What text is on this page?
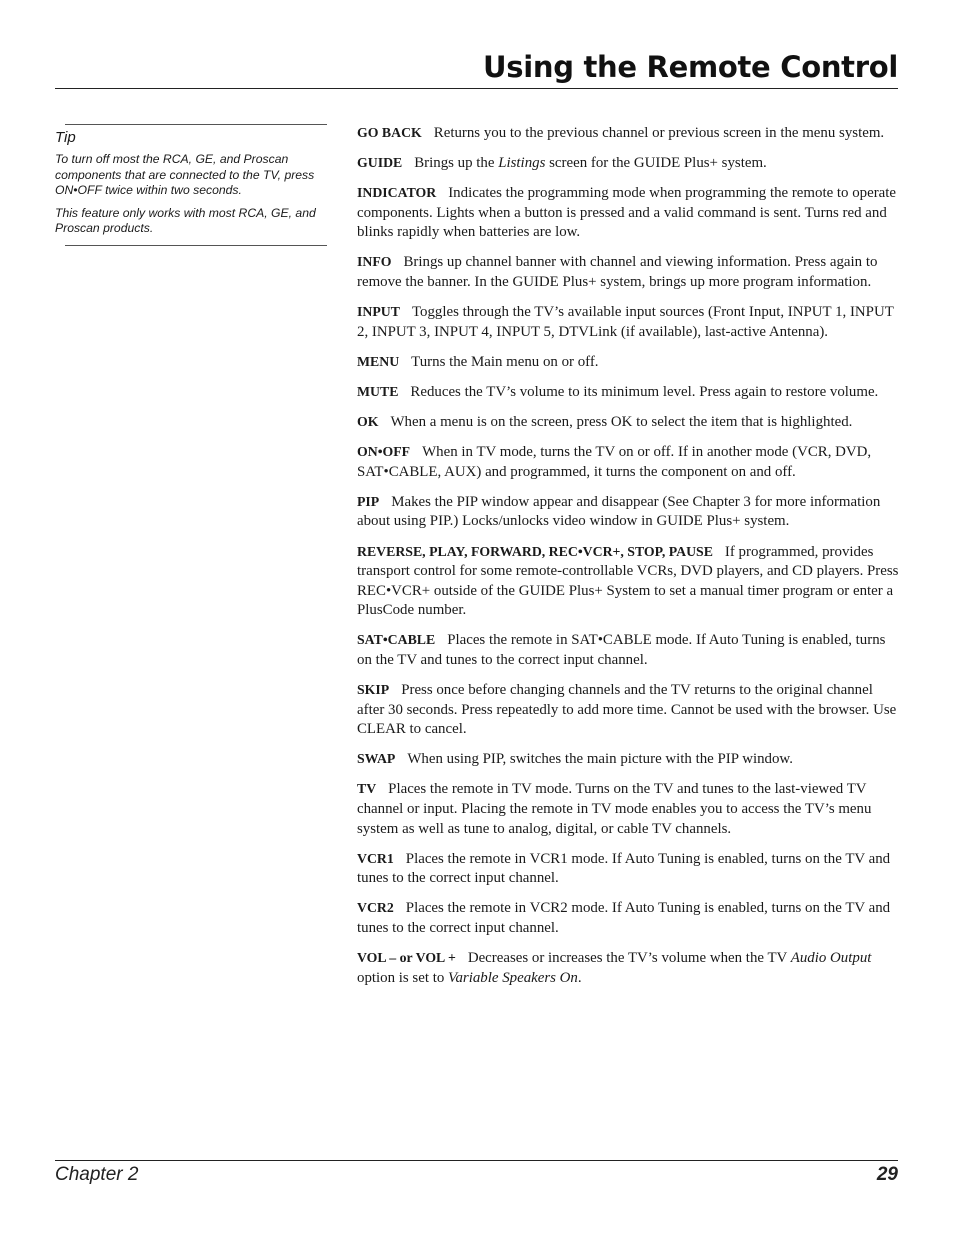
Using the Remote Control
Tip

To turn off most the RCA, GE, and Proscan components that are connected to the TV, press ON•OFF twice within two seconds.

This feature only works with most RCA, GE, and Proscan products.

GO BACK Returns you to the previous channel or previous screen in the menu system.

GUIDE Brings up the Listings screen for the GUIDE Plus+ system.

INDICATOR Indicates the programming mode when programming the remote to operate components. Lights when a button is pressed and a valid command is sent. Turns red and blinks rapidly when batteries are low.

INFO Brings up channel banner with channel and viewing information. Press again to remove the banner. In the GUIDE Plus+ system, brings up more program information.

INPUT Toggles through the TV’s available input sources (Front Input, INPUT 1, INPUT 2, INPUT 3, INPUT 4, INPUT 5, DTVLink (if available), last-active Antenna).

MENU Turns the Main menu on or off.

MUTE Reduces the TV’s volume to its minimum level. Press again to restore volume.

OK When a menu is on the screen, press OK to select the item that is highlighted.

ON•OFF When in TV mode, turns the TV on or off. If in another mode (VCR, DVD, SAT•CABLE, AUX) and programmed, it turns the component on and off.

PIP Makes the PIP window appear and disappear (See Chapter 3 for more information about using PIP.) Locks/unlocks video window in GUIDE Plus+ system.

REVERSE, PLAY, FORWARD, REC•VCR+, STOP, PAUSE If programmed, provides transport control for some remote-controllable VCRs, DVD players, and CD players. Press REC•VCR+ outside of the GUIDE Plus+ System to set a manual timer program or enter a PlusCode number.

SAT•CABLE Places the remote in SAT•CABLE mode. If Auto Tuning is enabled, turns on the TV and tunes to the correct input channel.

SKIP Press once before changing channels and the TV returns to the original channel after 30 seconds. Press repeatedly to add more time. Cannot be used with the browser. Use CLEAR to cancel.

SWAP When using PIP, switches the main picture with the PIP window.

TV Places the remote in TV mode. Turns on the TV and tunes to the last-viewed TV channel or input. Placing the remote in TV mode enables you to access the TV’s menu system as well as tune to analog, digital, or cable TV channels.

VCR1 Places the remote in VCR1 mode. If Auto Tuning is enabled, turns on the TV and tunes to the correct input channel.

VCR2 Places the remote in VCR2 mode. If Auto Tuning is enabled, turns on the TV and tunes to the correct input channel.

VOL – or VOL + Decreases or increases the TV’s volume when the TV Audio Output option is set to Variable Speakers On.

Chapter 2	29
